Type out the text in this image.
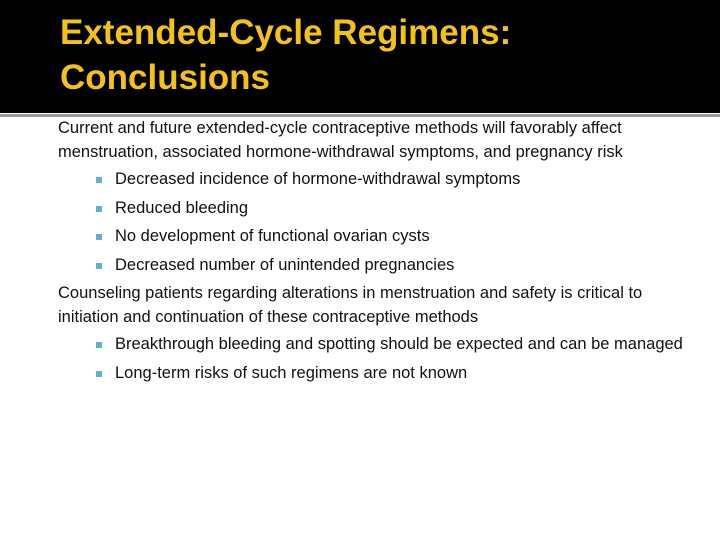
Extended-Cycle Regimens:
Conclusions

Current and future extended-cycle contraceptive methods will favorably affect menstruation, associated hormone-withdrawal symptoms, and pregnancy risk

Decreased incidence of hormone-withdrawal symptoms
Reduced bleeding
No development of functional ovarian cysts
Decreased number of unintended pregnancies

Counseling patients regarding alterations in menstruation and safety is critical to initiation and continuation of these contraceptive methods

Breakthrough bleeding and spotting should be expected and can be managed
Long-term risks of such regimens are not known
